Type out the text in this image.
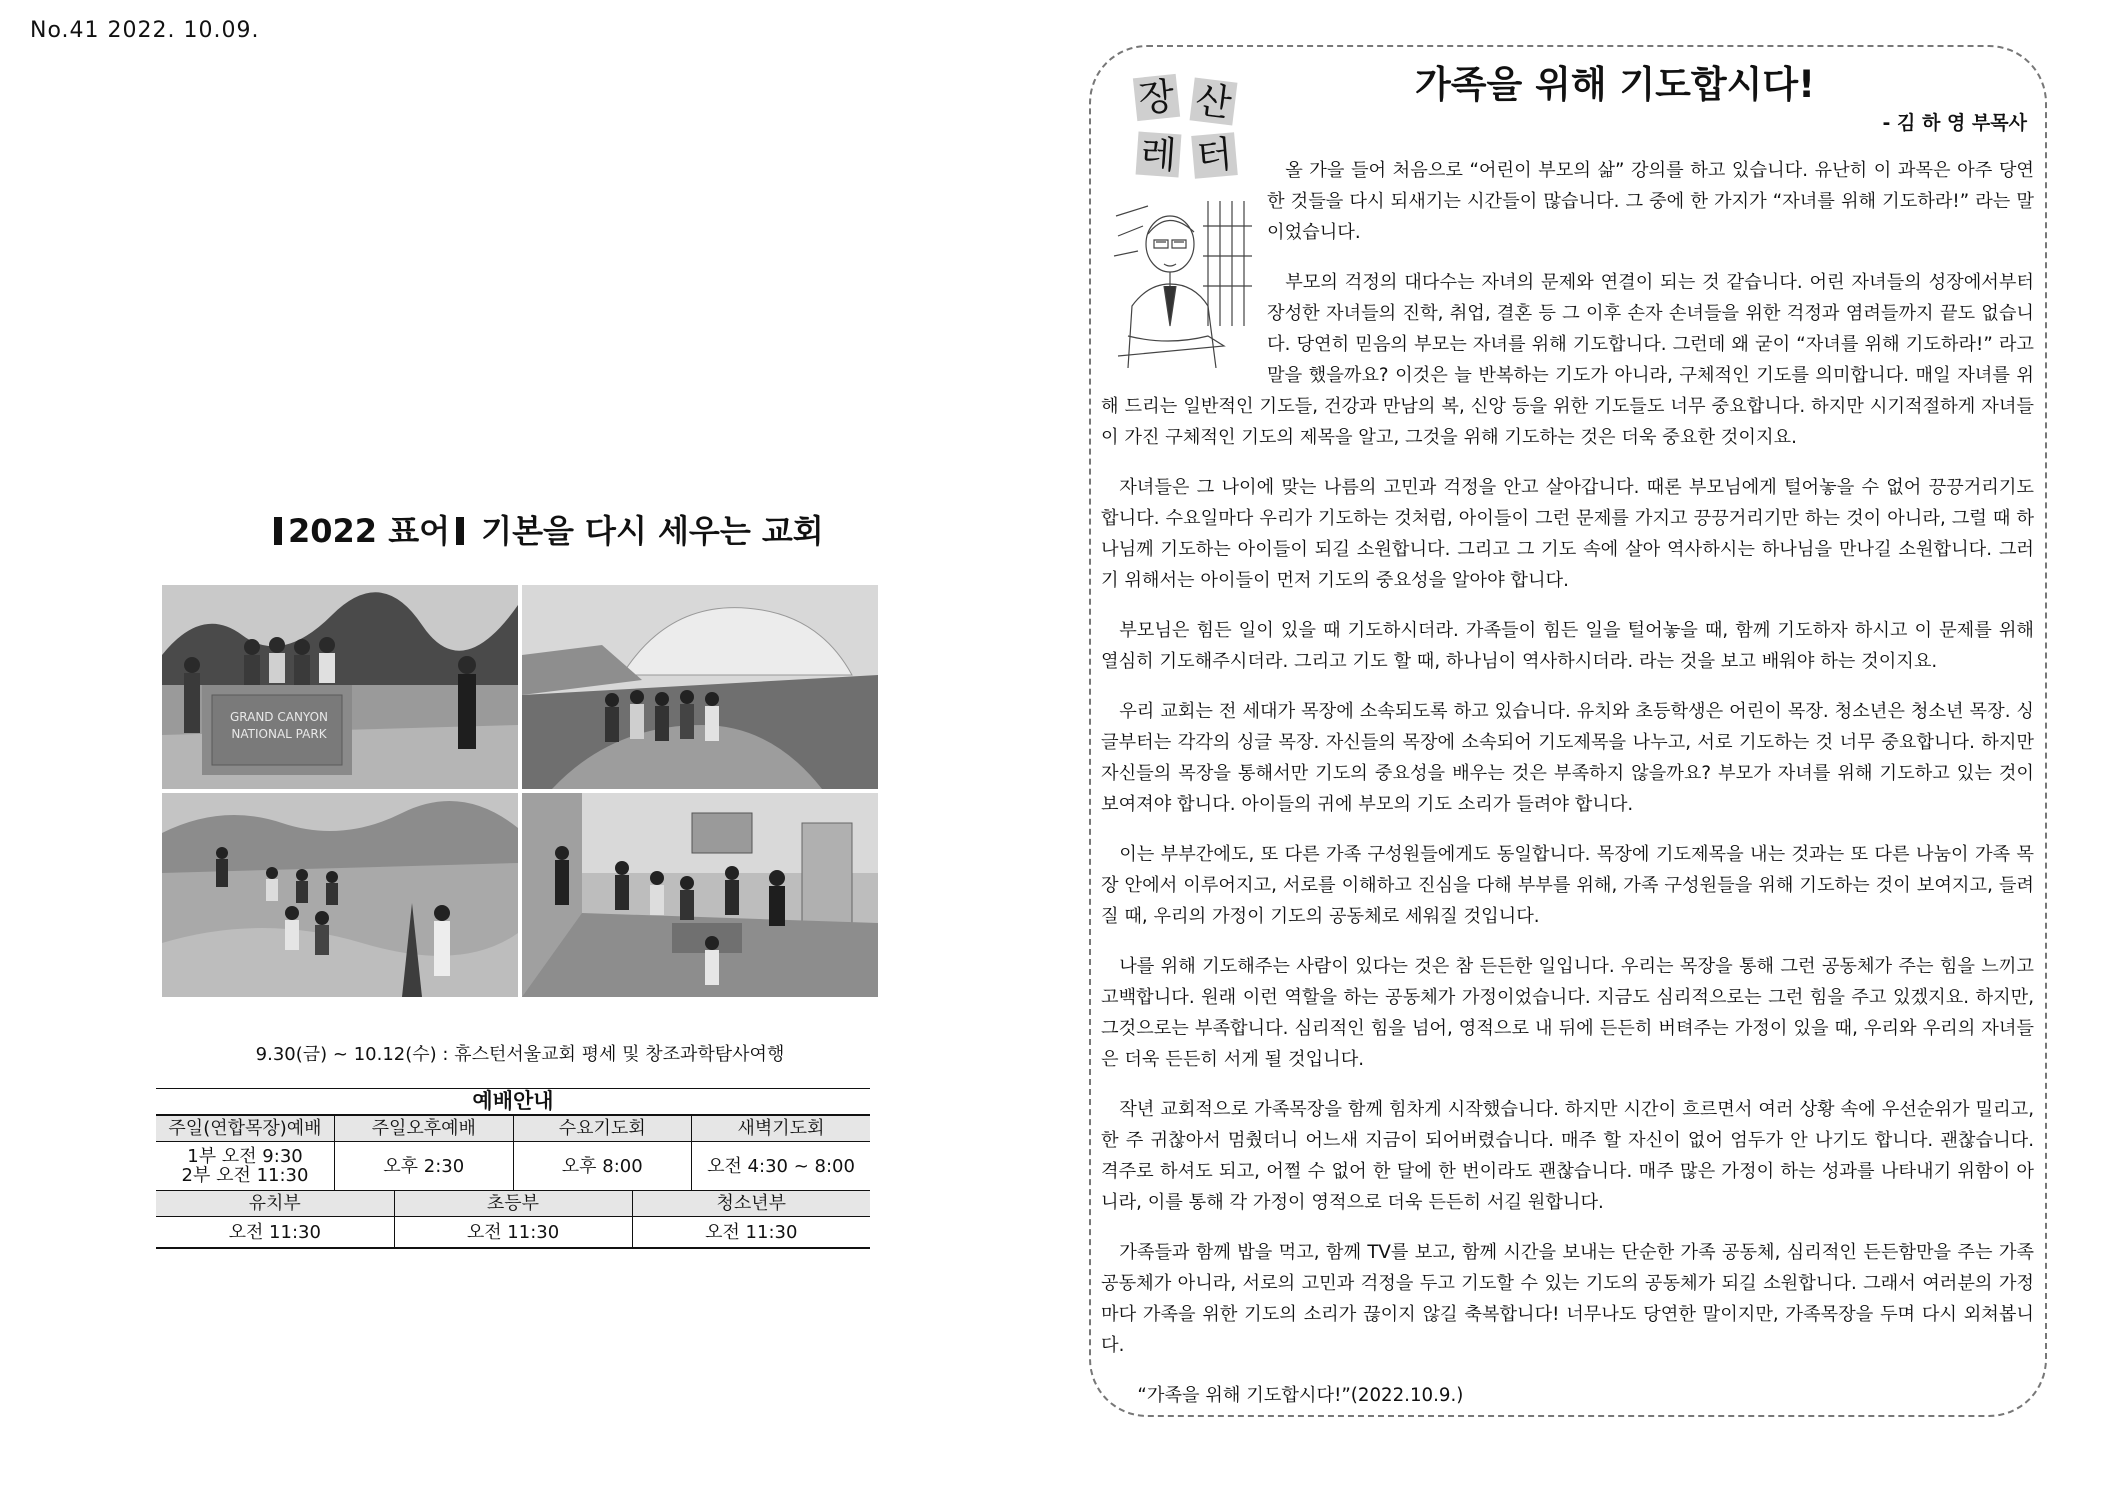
No.41 2022. 10.09.
2022 표어 기본을 다시 세우는 교회
GRAND CANYON
NATIONAL PARK
9.30(금) ~ 10.12(수) : 휴스턴서울교회 평세 및 창조과학탐사여행
예배안내					
주일(연합목장)예배	주일오후예배		수요기도회		새벽기도회

1부 오전 9:30
2부 오전 11:30	오후 2:30		오후 8:00		오전 4:30 ~ 8:00
유치부		초등부		청소년부	
오전 11:30		오전 11:30		오전 11:30	
장 산
레 터
가족을 위해 기도합시다!
- 김 하 영 부목사

올 가을 들어 처음으로 “어린이 부모의 삶” 강의를 하고 있습니다. 유난히 이 과목은 아주 당연한 것들을 다시 되새기는 시간들이 많습니다. 그 중에 한 가지가 “자녀를 위해 기도하라!” 라는 말이었습니다.

부모의 걱정의 대다수는 자녀의 문제와 연결이 되는 것 같습니다. 어린 자녀들의 성장에서부터 장성한 자녀들의 진학, 취업, 결혼 등 그 이후 손자 손녀들을 위한 걱정과 염려들까지 끝도 없습니다. 당연히 믿음의 부모는 자녀를 위해 기도합니다. 그런데 왜 굳이 “자녀를 위해 기도하라!” 라고 말을 했을까요? 이것은 늘 반복하는 기도가 아니라, 구체적인 기도를 의미합니다. 매일 자녀를 위해 드리는 일반적인 기도들, 건강과 만남의 복, 신앙 등을 위한 기도들도 너무 중요합니다. 하지만 시기적절하게 자녀들이 가진 구체적인 기도의 제목을 알고, 그것을 위해 기도하는 것은 더욱 중요한 것이지요.

자녀들은 그 나이에 맞는 나름의 고민과 걱정을 안고 살아갑니다. 때론 부모님에게 털어놓을 수 없어 끙끙거리기도 합니다. 수요일마다 우리가 기도하는 것처럼, 아이들이 그런 문제를 가지고 끙끙거리기만 하는 것이 아니라, 그럴 때 하나님께 기도하는 아이들이 되길 소원합니다. 그리고 그 기도 속에 살아 역사하시는 하나님을 만나길 소원합니다. 그러기 위해서는 아이들이 먼저 기도의 중요성을 알아야 합니다.

부모님은 힘든 일이 있을 때 기도하시더라. 가족들이 힘든 일을 털어놓을 때, 함께 기도하자 하시고 이 문제를 위해 열심히 기도해주시더라. 그리고 기도 할 때, 하나님이 역사하시더라. 라는 것을 보고 배워야 하는 것이지요.

우리 교회는 전 세대가 목장에 소속되도록 하고 있습니다. 유치와 초등학생은 어린이 목장. 청소년은 청소년 목장. 싱글부터는 각각의 싱글 목장. 자신들의 목장에 소속되어 기도제목을 나누고, 서로 기도하는 것 너무 중요합니다. 하지만 자신들의 목장을 통해서만 기도의 중요성을 배우는 것은 부족하지 않을까요? 부모가 자녀를 위해 기도하고 있는 것이 보여져야 합니다. 아이들의 귀에 부모의 기도 소리가 들려야 합니다.

이는 부부간에도, 또 다른 가족 구성원들에게도 동일합니다. 목장에 기도제목을 내는 것과는 또 다른 나눔이 가족 목장 안에서 이루어지고, 서로를 이해하고 진심을 다해 부부를 위해, 가족 구성원들을 위해 기도하는 것이 보여지고, 들려질 때, 우리의 가정이 기도의 공동체로 세워질 것입니다.

나를 위해 기도해주는 사람이 있다는 것은 참 든든한 일입니다. 우리는 목장을 통해 그런 공동체가 주는 힘을 느끼고 고백합니다. 원래 이런 역할을 하는 공동체가 가정이었습니다. 지금도 심리적으로는 그런 힘을 주고 있겠지요. 하지만, 그것으로는 부족합니다. 심리적인 힘을 넘어, 영적으로 내 뒤에 든든히 버텨주는 가정이 있을 때, 우리와 우리의 자녀들은 더욱 든든히 서게 될 것입니다.

작년 교회적으로 가족목장을 함께 힘차게 시작했습니다. 하지만 시간이 흐르면서 여러 상황 속에 우선순위가 밀리고, 한 주 귀찮아서 멈췄더니 어느새 지금이 되어버렸습니다. 매주 할 자신이 없어 엄두가 안 나기도 합니다. 괜찮습니다. 격주로 하셔도 되고, 어쩔 수 없어 한 달에 한 번이라도 괜찮습니다. 매주 많은 가정이 하는 성과를 나타내기 위함이 아니라, 이를 통해 각 가정이 영적으로 더욱 든든히 서길 원합니다.

가족들과 함께 밥을 먹고, 함께 TV를 보고, 함께 시간을 보내는 단순한 가족 공동체, 심리적인 든든함만을 주는 가족 공동체가 아니라, 서로의 고민과 걱정을 두고 기도할 수 있는 기도의 공동체가 되길 소원합니다. 그래서 여러분의 가정마다 가족을 위한 기도의 소리가 끊이지 않길 축복합니다! 너무나도 당연한 말이지만, 가족목장을 두며 다시 외쳐봅니다.

“가족을 위해 기도합시다!”(2022.10.9.)
